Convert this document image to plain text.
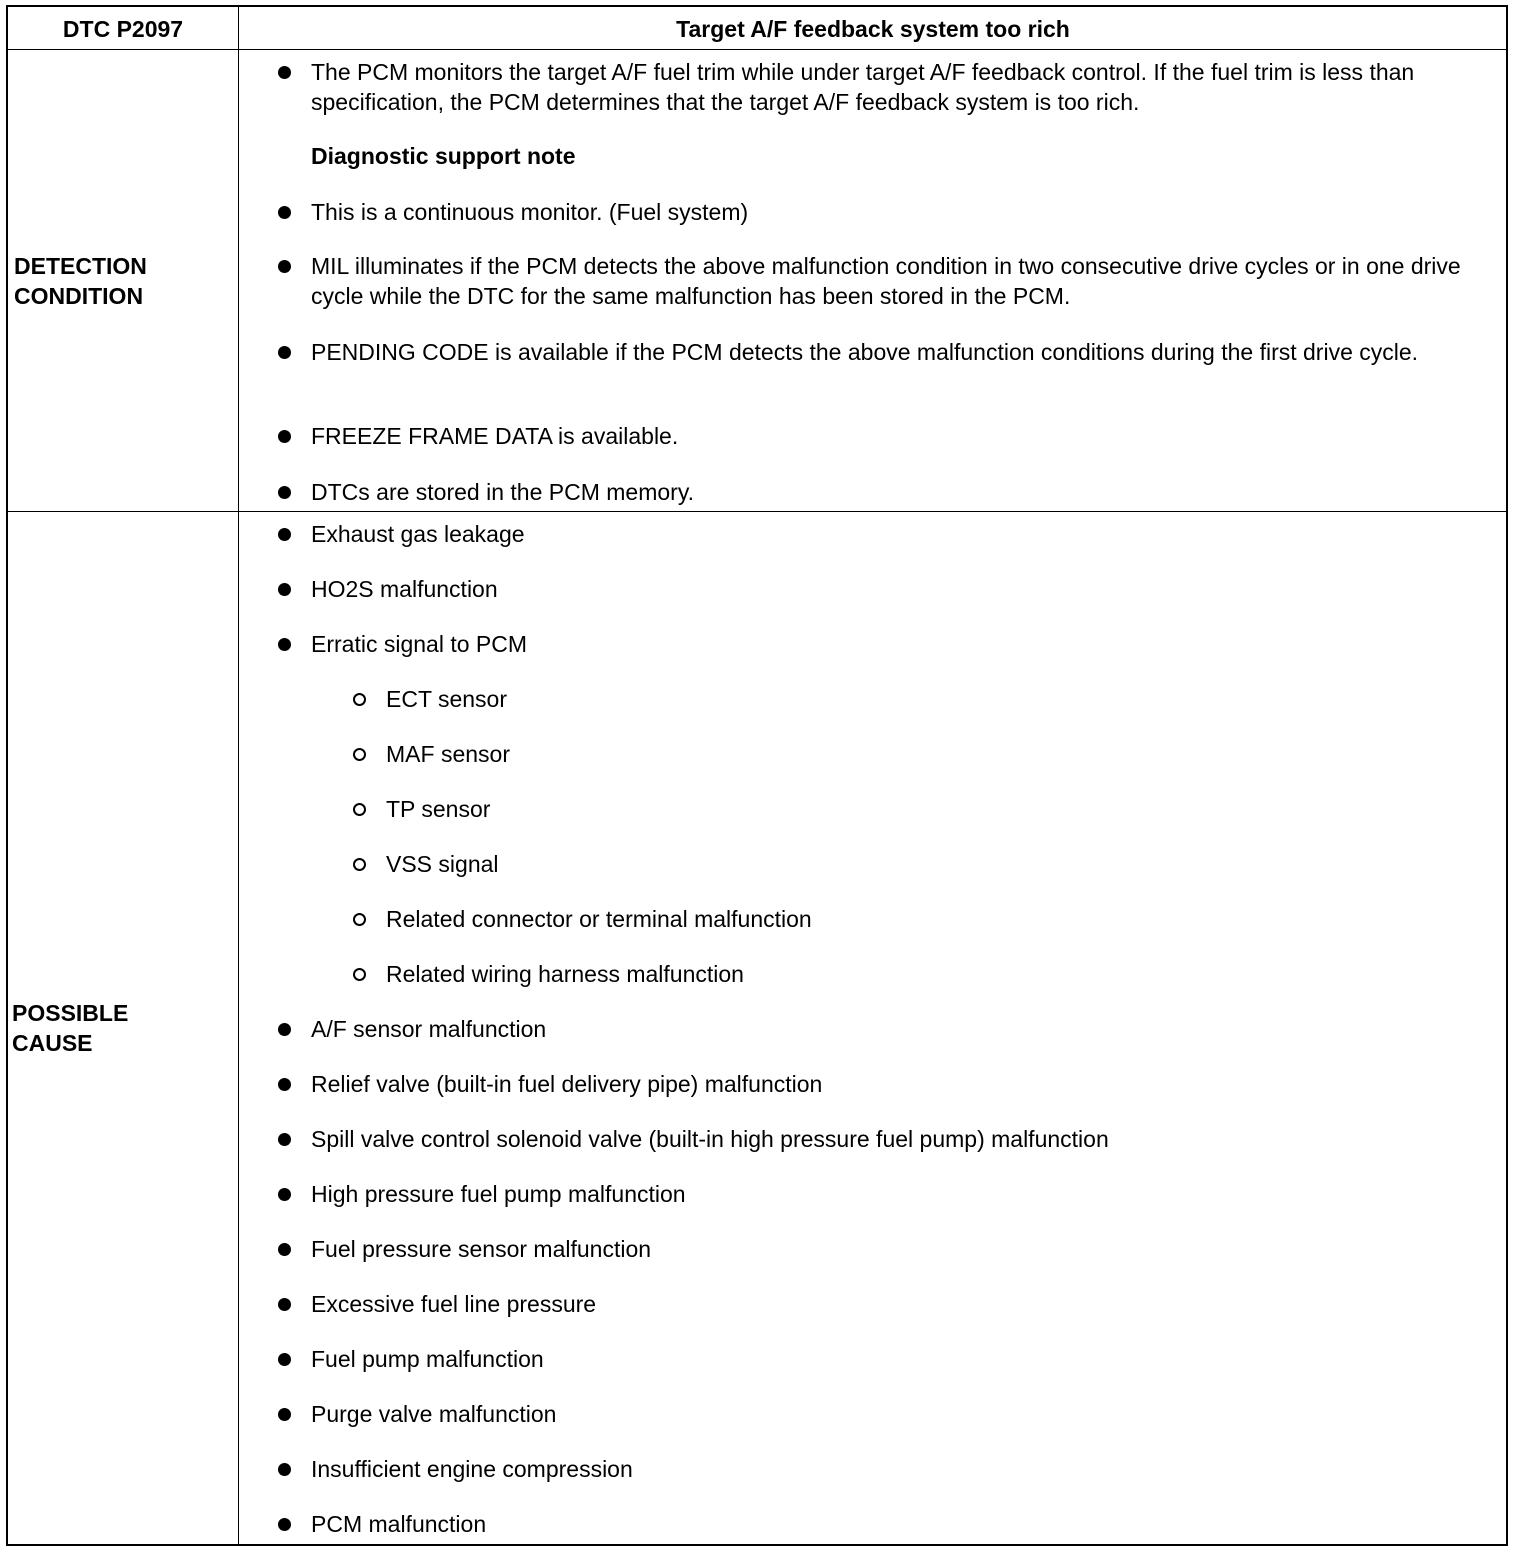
DTC P2097	Target A/F feedback system too rich
DETECTION
CONDITION
The PCM monitors the target A/F fuel trim while under target A/F feedback control. If the fuel trim is less than specification, the PCM determines that the target A/F feedback system is too rich.
Diagnostic support note
This is a continuous monitor. (Fuel system)
MIL illuminates if the PCM detects the above malfunction condition in two consecutive drive cycles or in one drive cycle while the DTC for the same malfunction has been stored in the PCM.
PENDING CODE is available if the PCM detects the above malfunction conditions during the first drive cycle.
FREEZE FRAME DATA is available.
DTCs are stored in the PCM memory.
POSSIBLE
CAUSE
Exhaust gas leakage
HO2S malfunction
Erratic signal to PCM
ECT sensor
MAF sensor
TP sensor
VSS signal
Related connector or terminal malfunction
Related wiring harness malfunction
A/F sensor malfunction
Relief valve (built-in fuel delivery pipe) malfunction
Spill valve control solenoid valve (built-in high pressure fuel pump) malfunction
High pressure fuel pump malfunction
Fuel pressure sensor malfunction
Excessive fuel line pressure
Fuel pump malfunction
Purge valve malfunction
Insufficient engine compression
PCM malfunction
